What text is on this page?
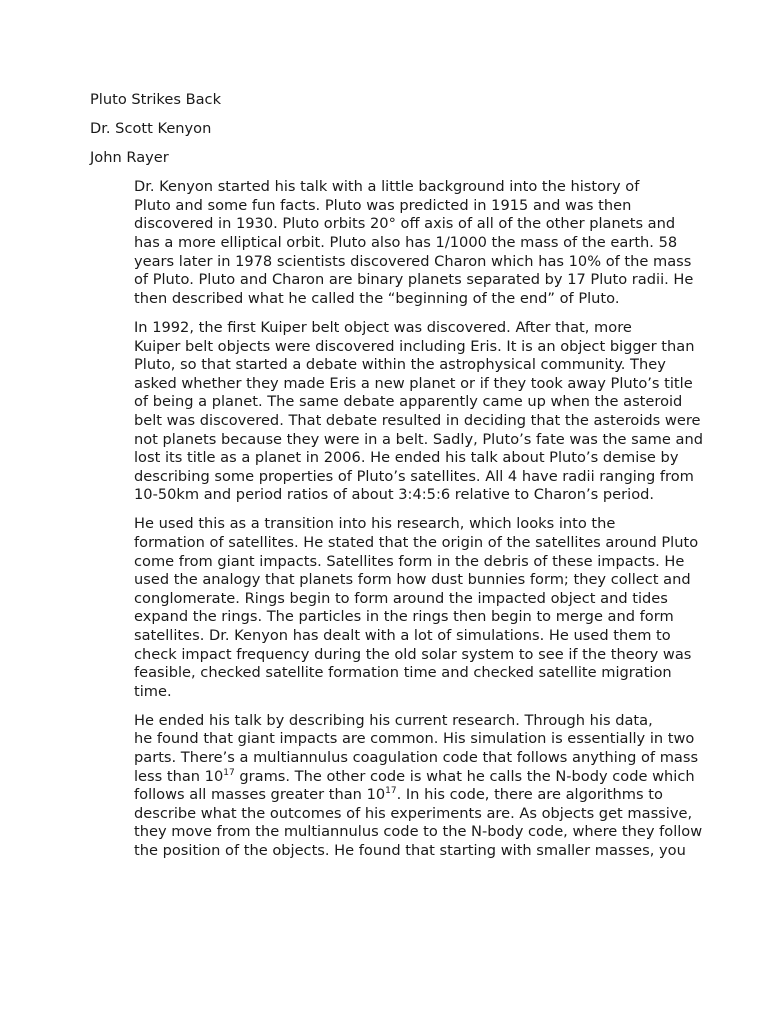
Pluto Strikes Back
Dr. Scott Kenyon
John Rayer
Dr. Kenyon started his talk with a little background into the history of
Pluto and some fun facts. Pluto was predicted in 1915 and was then
discovered in 1930. Pluto orbits 20° off axis of all of the other planets and
has a more elliptical orbit. Pluto also has 1/1000 the mass of the earth. 58
years later in 1978 scientists discovered Charon which has 10% of the mass
of Pluto. Pluto and Charon are binary planets separated by 17 Pluto radii. He
then described what he called the “beginning of the end” of Pluto.
In 1992, the first Kuiper belt object was discovered. After that, more
Kuiper belt objects were discovered including Eris. It is an object bigger than
Pluto, so that started a debate within the astrophysical community. They
asked whether they made Eris a new planet or if they took away Pluto’s title
of being a planet. The same debate apparently came up when the asteroid
belt was discovered. That debate resulted in deciding that the asteroids were
not planets because they were in a belt. Sadly, Pluto’s fate was the same and
lost its title as a planet in 2006. He ended his talk about Pluto’s demise by
describing some properties of Pluto’s satellites. All 4 have radii ranging from
10-50km and period ratios of about 3:4:5:6 relative to Charon’s period.
He used this as a transition into his research, which looks into the
formation of satellites. He stated that the origin of the satellites around Pluto
come from giant impacts. Satellites form in the debris of these impacts. He
used the analogy that planets form how dust bunnies form; they collect and
conglomerate. Rings begin to form around the impacted object and tides
expand the rings. The particles in the rings then begin to merge and form
satellites. Dr. Kenyon has dealt with a lot of simulations. He used them to
check impact frequency during the old solar system to see if the theory was
feasible, checked satellite formation time and checked satellite migration
time.
He ended his talk by describing his current research. Through his data,
he found that giant impacts are common. His simulation is essentially in two
parts. There’s a multiannulus coagulation code that follows anything of mass
less than $10^{17}$ grams. The other code is what he calls the N-body code which
follows all masses greater than $10^{17}$. In his code, there are algorithms to
describe what the outcomes of his experiments are. As objects get massive,
they move from the multiannulus code to the N-body code, where they follow
the position of the objects. He found that starting with smaller masses, you
